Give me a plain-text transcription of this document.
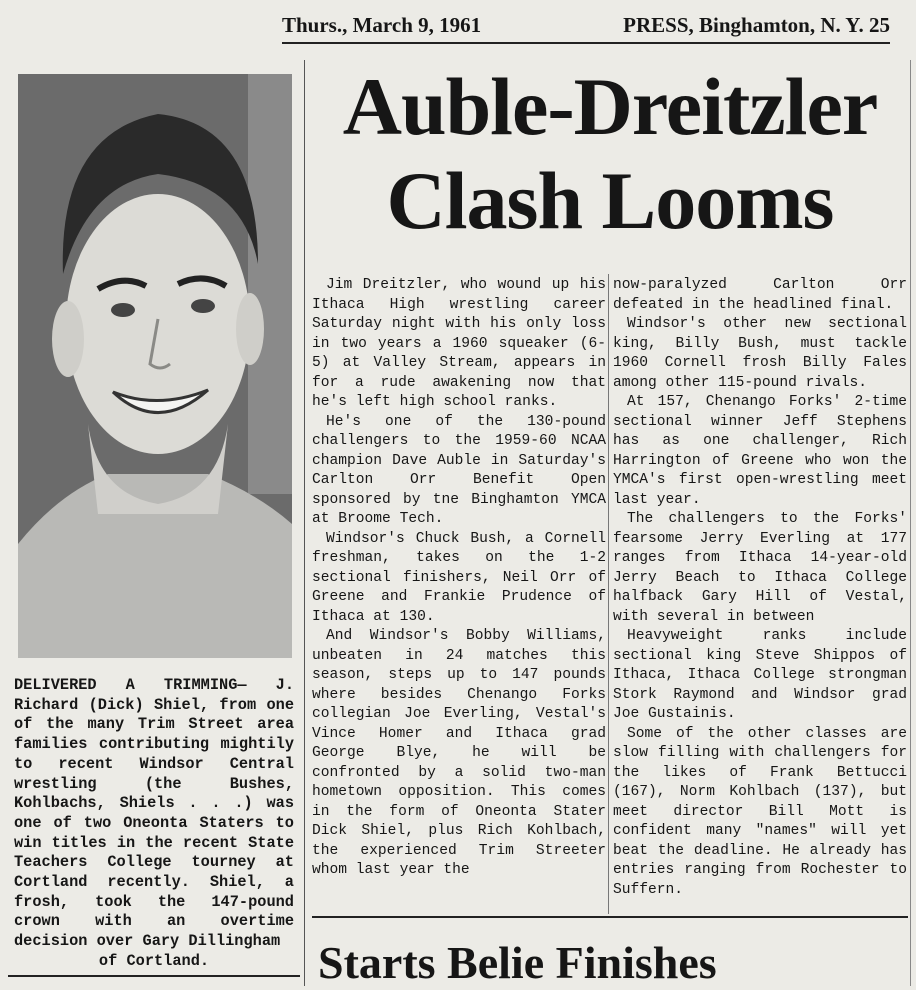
Thurs., March 9, 1961	PRESS, Binghamton, N. Y. 25
DELIVERED A TRIMMING— J. Richard (Dick) Shiel, from one of the many Trim Street area families contributing mightily to recent Windsor Central wrestling (the Bushes, Kohlbachs, Shiels . . .) was one of two Oneonta Staters to win titles in the recent State Teachers College tourney at Cortland recently. Shiel, a frosh, took the 147-pound crown with an overtime decision over Gary Dillingham
of Cortland.
Auble-Dreitzler
Clash Looms

Jim Dreitzler, who wound up his Ithaca High wrestling career Saturday night with his only loss in two years a 1960 squeaker (6-5) at Valley Stream, appears in for a rude awakening now that he's left high school ranks.

He's one of the 130-pound challengers to the 1959-60 NCAA champion Dave Auble in Saturday's Carlton Orr Benefit Open sponsored by tne Binghamton YMCA at Broome Tech.

Windsor's Chuck Bush, a Cornell freshman, takes on the 1-2 sectional finishers, Neil Orr of Greene and Frankie Prudence of Ithaca at 130.

And Windsor's Bobby Williams, unbeaten in 24 matches this season, steps up to 147 pounds where besides Chenango Forks collegian Joe Everling, Vestal's Vince Homer and Ithaca grad George Blye, he will be confronted by a solid two-man hometown opposition. This comes in the form of Oneonta Stater Dick Shiel, plus Rich Kohlbach, the experienced Trim Streeter whom last year the

now-paralyzed Carlton Orr defeated in the headlined final.

Windsor's other new sectional king, Billy Bush, must tackle 1960 Cornell frosh Billy Fales among other 115-pound rivals.

At 157, Chenango Forks' 2-time sectional winner Jeff Stephens has as one challenger, Rich Harrington of Greene who won the YMCA's first open-wrestling meet last year.

The challengers to the Forks' fearsome Jerry Everling at 177 ranges from Ithaca 14-year-old Jerry Beach to Ithaca College halfback Gary Hill of Vestal, with several in between

Heavyweight ranks include sectional king Steve Shippos of Ithaca, Ithaca College strongman Stork Raymond and Windsor grad Joe Gustainis.

Some of the other classes are slow filling with challengers for the likes of Frank Bettucci (167), Norm Kohlbach (137), but meet director Bill Mott is confident many "names" will yet beat the deadline. He already has entries ranging from Rochester to Suffern.

Starts Belie Finishes
